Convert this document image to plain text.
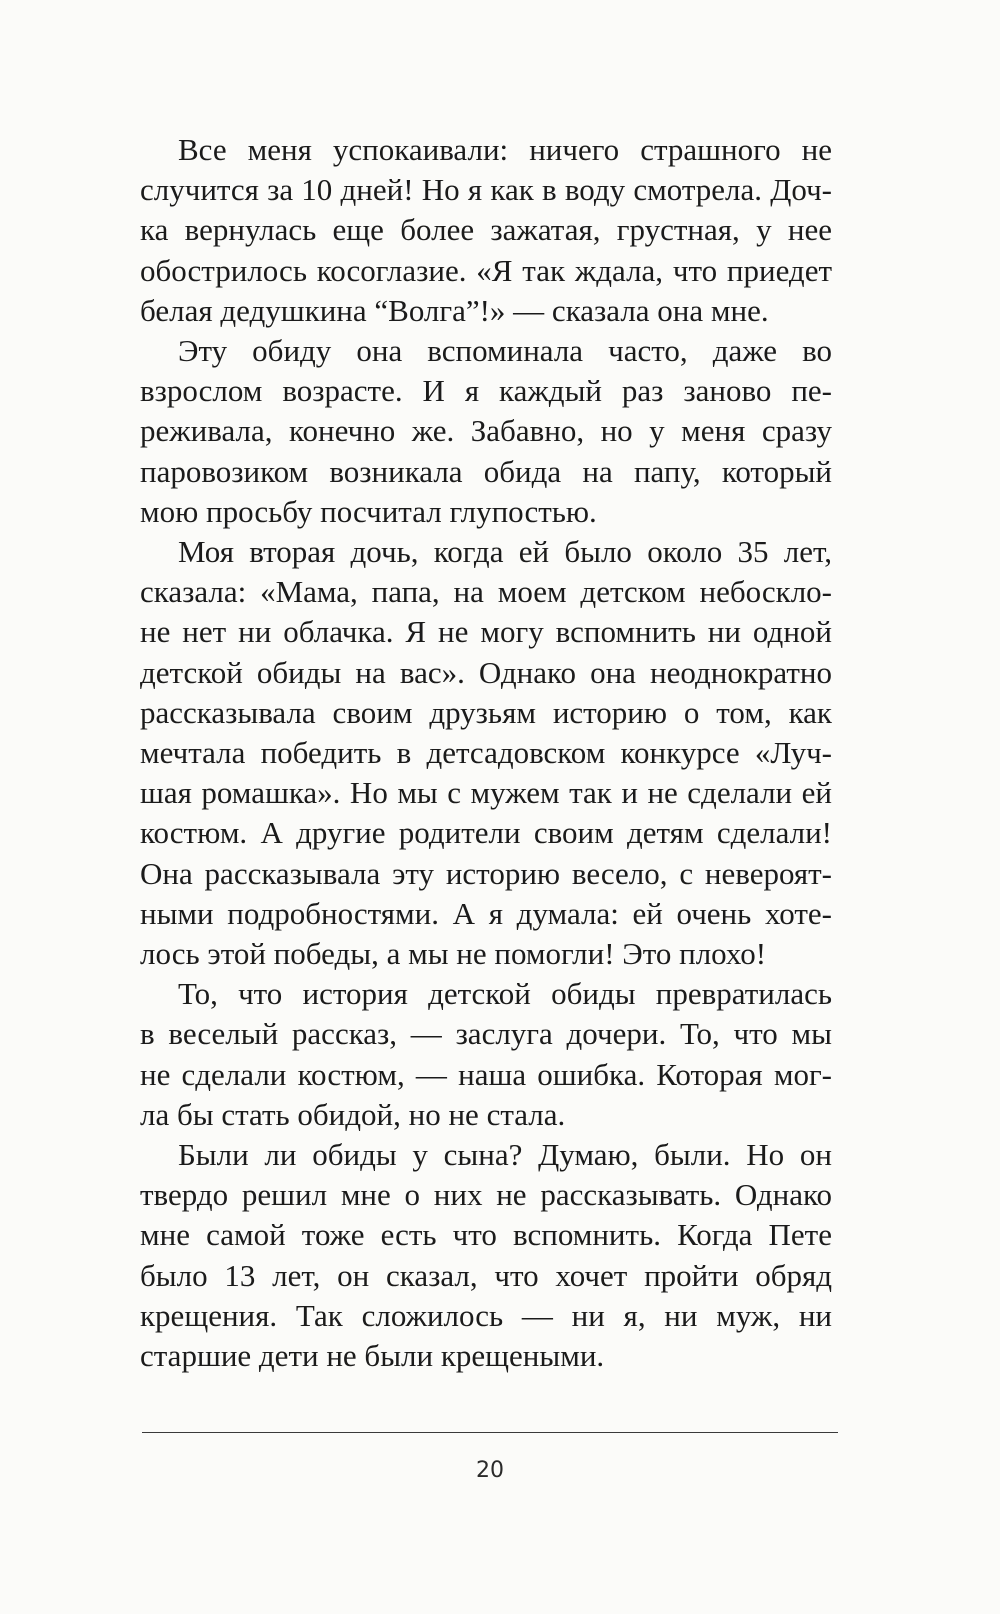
Все меня успокаивали: ничего страшного не
случится за 10 дней! Но я как в воду смотрела. Доч-
ка вернулась еще более зажатая, грустная, у нее
обострилось косоглазие. «Я так ждала, что приедет
белая дедушкина “Волга”!» — сказала она мне.

Эту обиду она вспоминала часто, даже во
взрослом возрасте. И я каждый раз заново пе-
реживала, конечно же. Забавно, но у меня сразу
паровозиком возникала обида на папу, который
мою просьбу посчитал глупостью.

Моя вторая дочь, когда ей было около 35 лет,
сказала: «Мама, папа, на моем детском небоскло-
не нет ни облачка. Я не могу вспомнить ни одной
детской обиды на вас». Однако она неоднократно
рассказывала своим друзьям историю о том, как
мечтала победить в детсадовском конкурсе «Луч-
шая ромашка». Но мы с мужем так и не сделали ей
костюм. А другие родители своим детям сделали!
Она рассказывала эту историю весело, с невероят-
ными подробностями. А я думала: ей очень хоте-
лось этой победы, а мы не помогли! Это плохо!

То, что история детской обиды превратилась
в веселый рассказ, — заслуга дочери. То, что мы
не сделали костюм, — наша ошибка. Которая мог-
ла бы стать обидой, но не стала.

Были ли обиды у сына? Думаю, были. Но он
твердо решил мне о них не рассказывать. Однако
мне самой тоже есть что вспомнить. Когда Пете
было 13 лет, он сказал, что хочет пройти обряд
крещения. Так сложилось — ни я, ни муж, ни
старшие дети не были крещеными.

20
